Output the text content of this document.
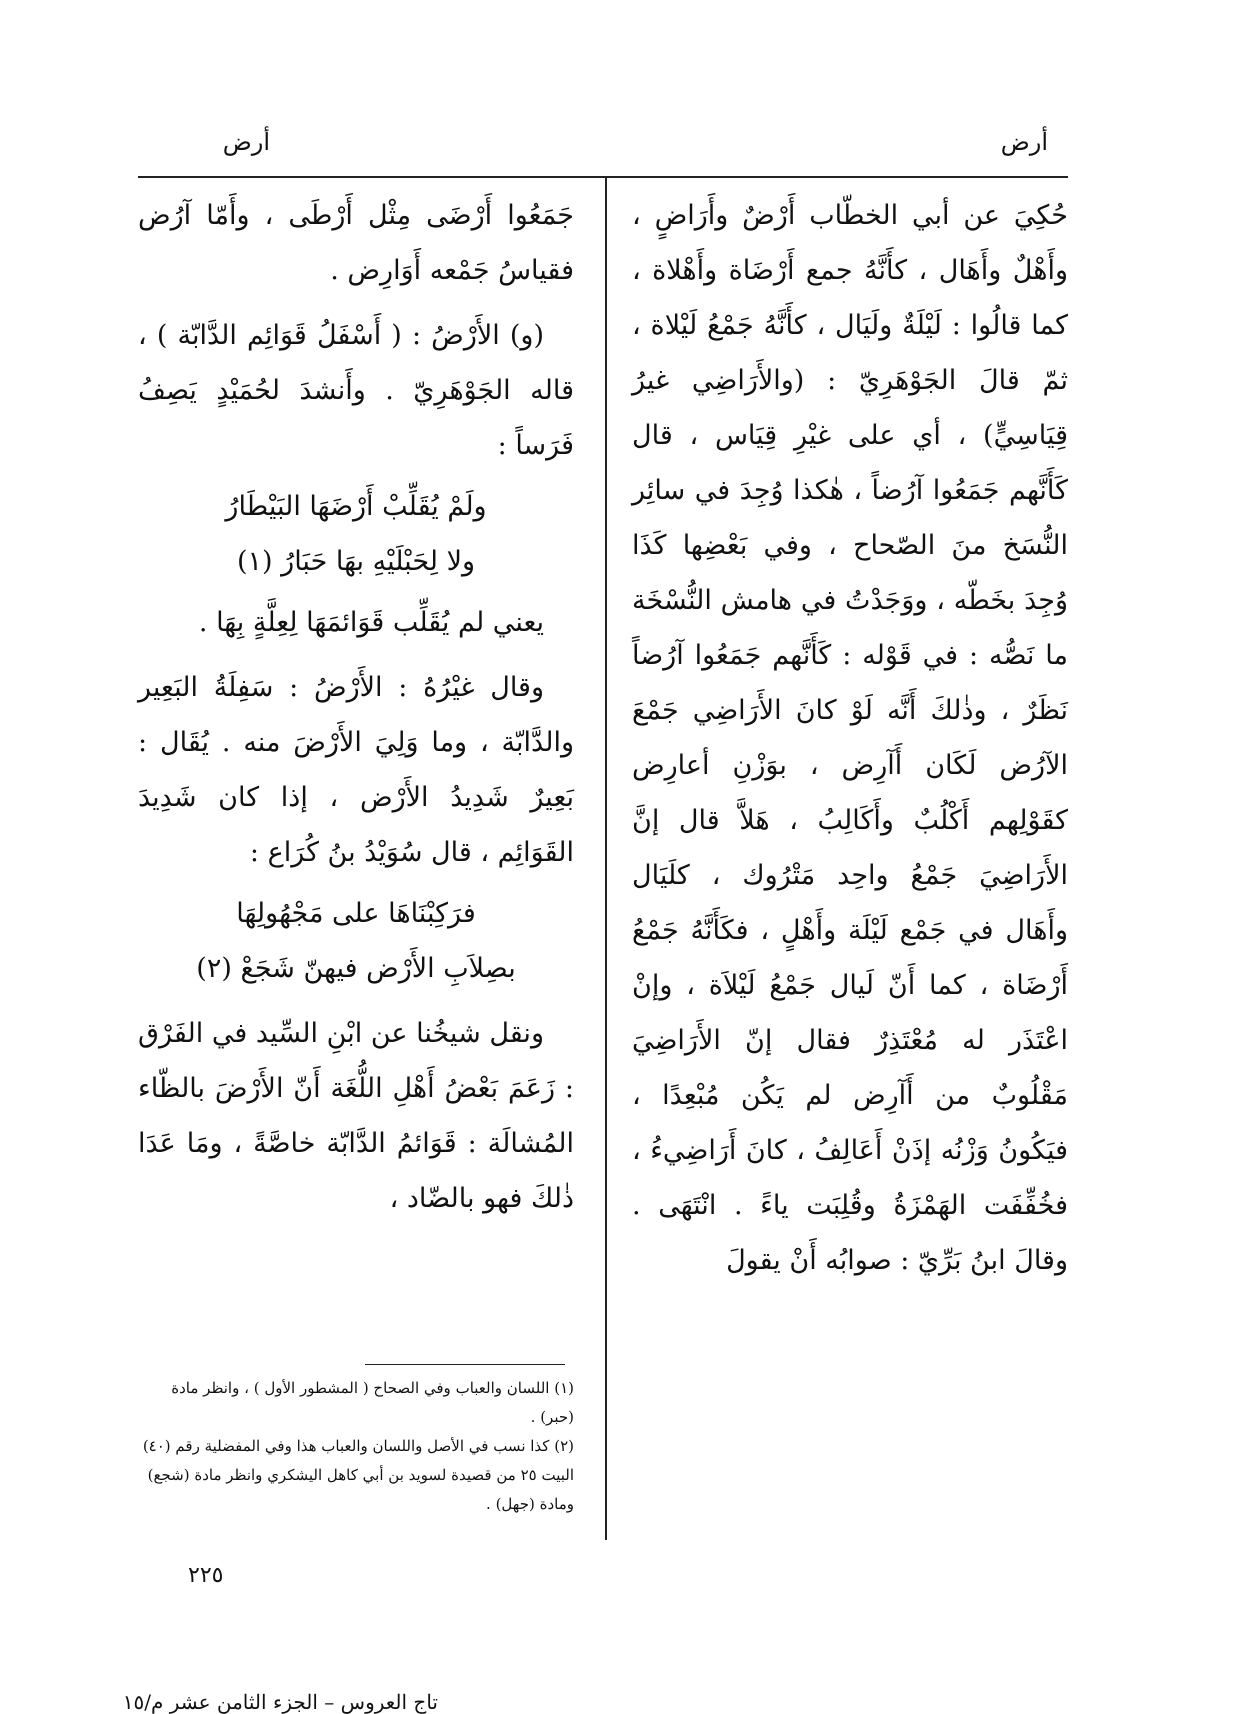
أرض
أرض

حُكِيَ عن أبي الخطّاب أَرْضٌ وأَرَاضٍ ، وأَهْلٌ وأَهَال ، كأَنَّهُ جمع أَرْضَاة وأَهْلاة ، كما قالُوا : لَيْلَةٌ ولَيَال ، كأَنَّهُ جَمْعُ لَيْلاة ، ثمّ قالَ الجَوْهَرِيّ : (والأَرَاضِي غيرُ قِيَاسِيٍّ) ، أي على غيْرِ قِيَاس ، قال كَأَنَّهم جَمَعُوا آرُضاً ، هٰكذا وُجِدَ في سائِر النُّسَخ منَ الصّحاح ، وفي بَعْضِها كَذَا وُجِدَ بخَطّه ، ووَجَدْتُ في هامش النُّسْخَة ما نَصُّه : في قَوْله : كَأَنَّهم جَمَعُوا آرُضاً نَظَرٌ ، وذٰلكَ أَنَّه لَوْ كانَ الأَرَاضِي جَمْعَ الآرُض لَكَان أَآرِض ، بوَزْنِ أعارِض كقَوْلِهم أَكْلُبٌ وأَكَالِبُ ، هَلاَّ قال إنَّ الأَرَاضِيَ جَمْعُ واحِد مَتْرُوك ، كلَيَال وأَهَال في جَمْع لَيْلَة وأَهْلٍ ، فكَأَنَّهُ جَمْعُ أَرْضَاة ، كما أَنّ لَيال جَمْعُ لَيْلاَة ، وإنْ اعْتَذَر له مُعْتَذِرٌ فقال إنّ الأَرَاضِيَ مَقْلُوبٌ من أَآرِض لم يَكُن مُبْعِدًا ، فيَكُونُ وَزْنُه إذَنْ أَعَالِفُ ، كانَ أَرَاضِيءُ ، فخُفِّفَت الهَمْزَةُ وقُلِبَت ياءً . انْتَهَى . وقالَ ابنُ بَرِّيّ : صوابُه أَنْ يقولَ

جَمَعُوا أَرْضَى مِثْل أَرْطَى ، وأَمّا آرُض فقياسُ جَمْعه أَوَارِض .

(و) الأَرْضُ : ( أَسْفَلُ قَوَائِم الدَّابّة ) ، قاله الجَوْهَرِيّ . وأَنشدَ لحُمَيْدٍ يَصِفُ فَرَساً :

ولَمْ يُقَلِّبْ أَرْضَهَا البَيْطَارُ
ولا لِحَبْلَيْهِ بهَا حَبَارُ (١)

يعني لم يُقَلِّب قَوَائمَهَا لِعِلَّةٍ بِهَا .

وقال غيْرُهُ : الأَرْضُ : سَفِلَةُ البَعِير والدَّابّة ، وما وَلِيَ الأَرْضَ منه . يُقَال : بَعِيرٌ شَدِيدُ الأَرْض ، إذا كان شَدِيدَ القَوَائِم ، قال سُوَيْدُ بنُ كُرَاع :

فرَكِبْنَاهَا على مَجْهُولِهَا
بصِلاَبِ الأَرْض فيهنّ شَجَعْ (٢)

ونقل شيخُنا عن ابْنِ السِّيد في الفَرْق : زَعَمَ بَعْضُ أَهْلِ اللُّغَة أَنّ الأَرْضَ بالظّاء المُشالَة : قَوَائمُ الدَّابّة خاصَّةً ، ومَا عَدَا ذٰلكَ فهو بالضّاد ،

(١) اللسان والعباب وفي الصحاح ( المشطور الأول ) ، وانظر مادة (حبر) .

(٢) كذا نسب في الأصل واللسان والعباب هذا وفي المفضلية رقم (٤٠) البيت ٢٥ من قصيدة لسويد بن أبي كاهل اليشكري وانظر مادة (شجع) ومادة (جهل) .

٢٢٥
تاج العروس – الجزء الثامن عشر م/١٥
